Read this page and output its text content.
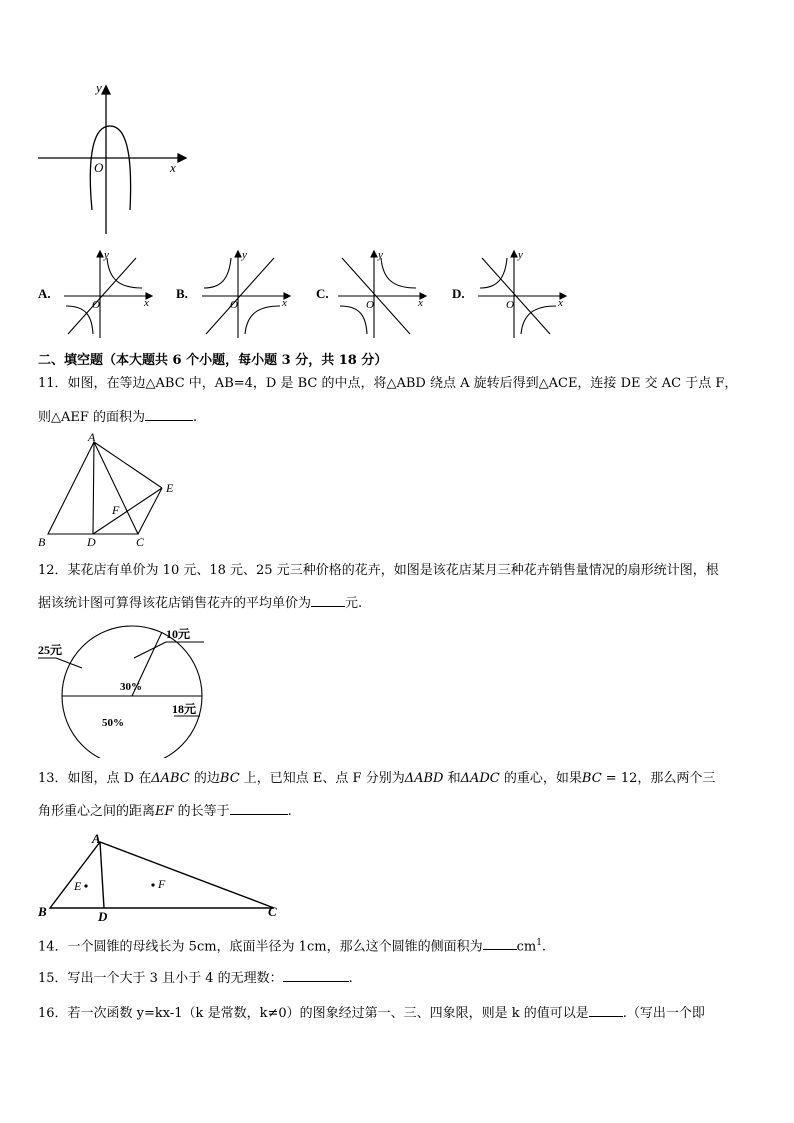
y
x
O
A.
y
x
O
B.
y
x
O
C.
y
x
O
D.
y
x
O
二、填空题（本大题共 6 个小题，每小题 3 分，共 18 分）
11．如图，在等边△ABC 中，AB=4，D 是 BC 的中点，将△ABD 绕点 A 旋转后得到△ACE，连接 DE 交 AC 于点 F，
则△AEF 的面积为	.
A
B	D	C
E
F
12．某花店有单价为 10 元、18 元、25 元三种价格的花卉，如图是该花店某月三种花卉销售量情况的扇形统计图，根
据该统计图可算得该花店销售花卉的平均单价为	元.
10元
25元
18元
30%
50%
13．如图，点 D 在ΔABC 的边BC 上，已知点 E、点 F 分别为ΔABD 和ΔADC 的重心，如果BC = 12，那么两个三
角形重心之间的距离EF 的长等于	.
A
B	D	C
E	F
14．一个圆锥的母线长为 5cm，底面半径为 1cm，那么这个圆锥的侧面积为	$cm^1$.
15．写出一个大于 3 且小于 4 的无理数：	.
16．若一次函数 y=kx-1（k 是常数，k≠0）的图象经过第一、三、四象限，则是 k 的值可以是	.（写出一个即
